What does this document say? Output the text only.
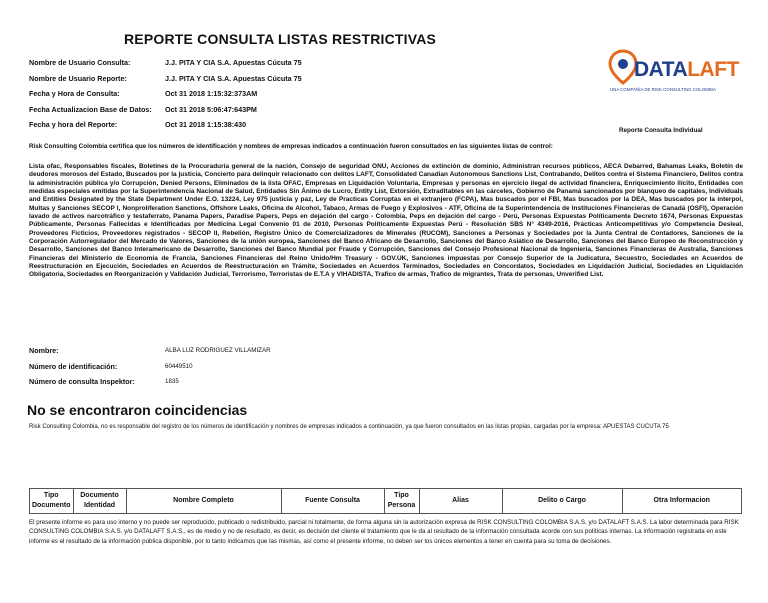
REPORTE CONSULTA LISTAS RESTRICTIVAS
Nombre de Usuario Consulta:	J.J. PITA Y CIA S.A. Apuestas Cúcuta 75
Nombre de Usuario Reporte:	J.J. PITA Y CIA S.A. Apuestas Cúcuta 75
Fecha y Hora de Consulta:	Oct 31 2018 1:15:32:373AM
Fecha Actualizacion Base de Datos:	Oct 31 2018 5:06:47:643PM
Fecha y hora del Reporte:	Oct 31 2018 1:15:38:430
DATALAFT
UNA COMPAÑÍA DE RISK CONSULTING COLOMBIA
Reporte Consulta Individual
Risk Consulting Colombia certifica que los números de identificación y nombres de empresas indicados a continuación fueron consultados en las siguientes listas de control:
Lista ofac, Responsables fiscales, Boletines de la Procuraduría general de la nación, Consejo de seguridad ONU, Acciones de extinción de dominio, Administran recursos públicos, AECA Debarred, Bahamas Leaks, Boletín de deudores morosos del Estado, Buscados por la justicia, Concierto para delinquir relacionado con delitos LAFT, Consolidated Canadian Autonomous Sanctions List, Contrabando, Delitos contra el Sistema Financiero, Delitos contra la administración pública y/o Corrupción, Denied Persons, Eliminados de la lista OFAC, Empresas en Liquidación Voluntaria, Empresas y personas en ejercicio ilegal de actividad financiera, Enriquecimiento ilícito, Entidades con medidas especiales emitidas por la Superintendencia Nacional de Salud, Entidades Sin Ánimo de Lucro, Entity List, Extorsión, Extraditables en las cárceles, Gobierno de Panamá sancionados por blanqueo de capitales, Individuals and Entities Designated by the State Department Under E.O. 13224, Ley 975 justicia y paz, Ley de Practicas Corruptas en el extranjero (FCPA), Mas buscados por el FBI, Mas buscados por la DEA, Mas buscados por la interpol, Multas y Sanciones SECOP I, Nonproliferation Sanctions, Offshore Leaks, Oficina de Alcohol, Tabaco, Armas de Fuego y Explosivos - ATF, Oficina de la Superintendencia de Instituciones Financieras de Canadá (OSFI), Operación lavado de activos narcotráfico y testaferrato, Panama Papers, Paradise Papers, Peps en dejación del cargo - Colombia, Peps en dejación del cargo - Perú, Personas Expuestas Políticamente Decreto 1674, Personas Expuestas Públicamente, Personas Fallecidas e Identificadas por Medicina Legal Convenio 01 de 2010, Personas Políticamente Expuestas Perú - Resolución SBS N° 4349-2016, Prácticas Anticompetitivas y/o Competencia Desleal, Proveedores Ficticios, Proveedores registrados - SECOP II, Rebelión, Registro Único de Comercializadores de Minerales (RUCOM), Sanciones a Personas y Sociedades por la Junta Central de Contadores, Sanciones de la Corporación Autorregulador del Mercado de Valores, Sanciones de la unión europea, Sanciones del Banco Africano de Desarrollo, Sanciones del Banco Asiático de Desarrollo, Sanciones del Banco Europeo de Reconstrucción y Desarrollo, Sanciones del Banco Interamericano de Desarrollo, Sanciones del Banco Mundial por Fraude y Corrupción, Sanciones del Consejo Profesional Nacional de Ingeniería, Sanciones Financieras de Australia, Sanciones Financieras del Ministerio de Economía de Francia, Sanciones Financieras del Reino Unido/Hm Treasury - GOV.UK, Sanciones impuestas por Consejo Superior de la Judicatura, Secuestro, Sociedades en Acuerdos de Reestructuración en Ejecución, Sociedades en Acuerdos de Reestructuración en Trámite, Sociedades en Acuerdos Terminados, Sociedades en Concordatos, Sociedades en Liquidación Judicial, Sociedades en Liquidación Obligatoria, Sociedades en Reorganización y Validación Judicial, Terrorismo, Terroristas de E.T.A y VIHADISTA, Trafico de armas, Trafico de migrantes, Trata de personas, Unverified List.
Nombre:	ALBA LUZ RODRIGUEZ VILLAMIZAR
Número de identificación:	60449510
Número de consulta Inspektor:	1835
No se encontraron coincidencias
Risk Consulting Colombia, no es responsable del registro de los números de identificación y nombres de empresas indicados a continuación, ya que fueron consultados en las listas propias, cargadas por la empresa: APUESTAS CUCUTA 75
Tipo Documento	Documento Identidad	Nombre Completo	Fuente Consulta	Tipo Persona	Alias	Delito o Cargo	Otra Informacion
El presente informe es para uso interno y no puede ser reproducido, publicado o redistribuido, parcial ni totalmente, de forma alguna sin la autorización expresa de RISK CONSULTING COLOMBIA S.A.S. y/o DATALAFT S.A.S. La labor determinada para RISK CONSULTING COLOMBIA S.A.S. y/o DATALAFT S.A.S., es de medio y no de resultado, es decir, es decisión del cliente el tratamiento que le da al resultado de la información consultada acorde con sus políticas internas. La información registrada en este informe es el resultado de la información pública disponible, por lo tanto indicamos que las mismas, así como el presente informe, no deben ser los únicos elementos a tener en cuenta para su toma de decisiones.
